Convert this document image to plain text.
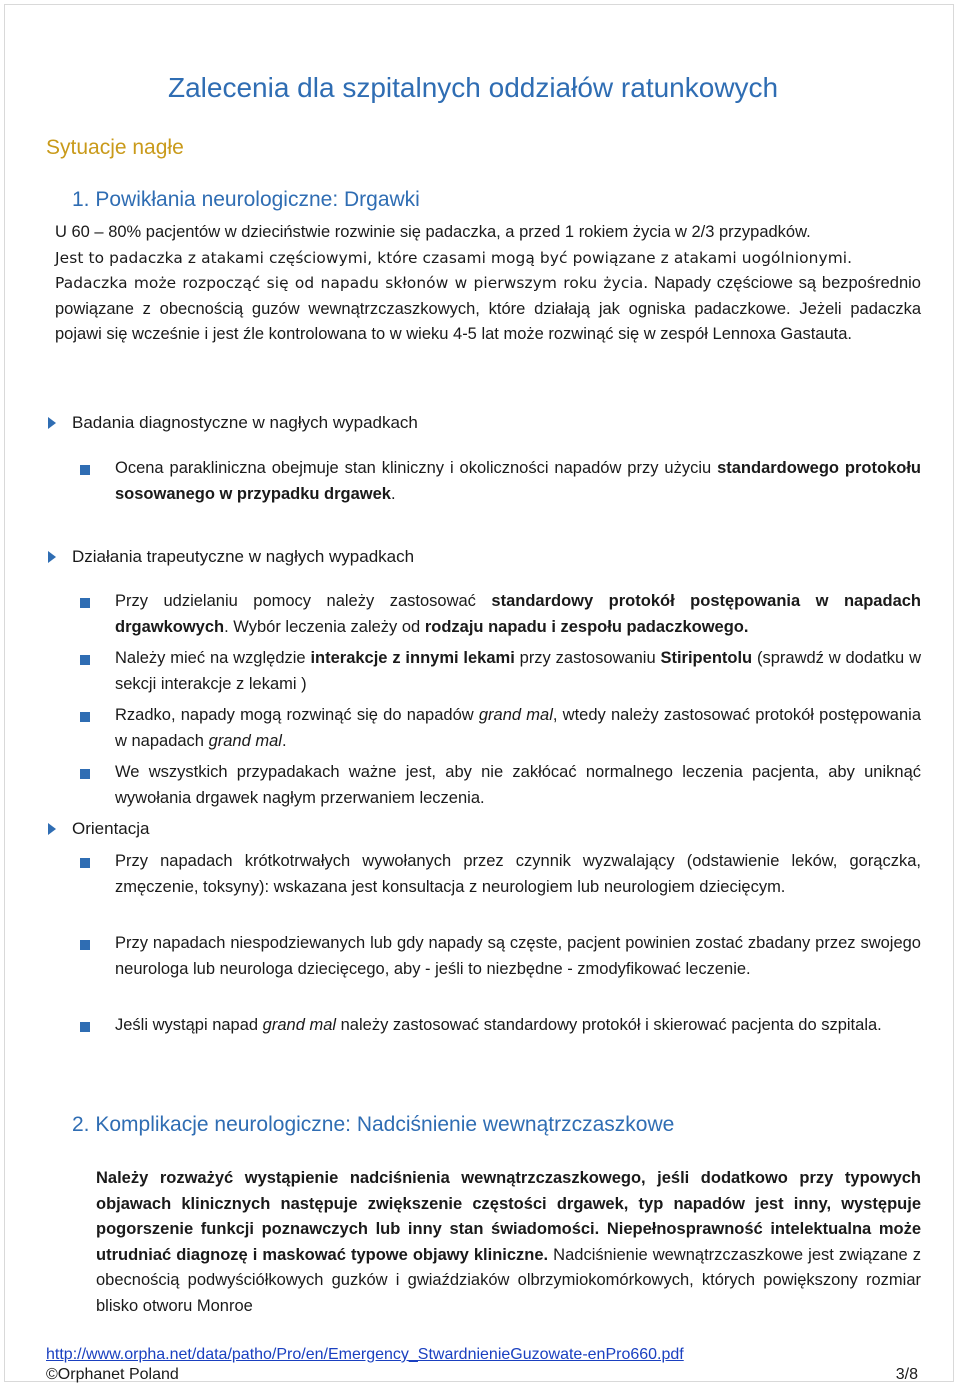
Zalecenia dla szpitalnych oddziałów ratunkowych
Sytuacje nagłe
1. Powikłania neurologiczne: Drgawki

U 60 – 80% pacjentów w dzieciństwie rozwinie się padaczka, a przed 1 rokiem życia w 2/3 przypadków.

Jest to padaczka z atakami częściowymi, które czasami mogą być powiązane z atakami uogólnionymi.

Padaczka może rozpocząć się od napadu skłonów w pierwszym roku życia. Napady częściowe są bezpośrednio powiązane z obecnością guzów wewnątrzczaszkowych, które działają jak ogniska padaczkowe. Jeżeli padaczka pojawi się wcześnie i jest źle kontrolowana to w wieku 4-5 lat może rozwinąć się w zespół Lennoxa Gastauta.
Badania diagnostyczne w nagłych wypadkach
Ocena parakliniczna obejmuje stan kliniczny i okoliczności napadów przy użyciu standardowego protokołu sosowanego w przypadku drgawek.
Działania trapeutyczne w nagłych wypadkach
Przy udzielaniu pomocy należy zastosować standardowy protokół postępowania w napadach drgawkowych. Wybór leczenia zależy od rodzaju napadu i zespołu padaczkowego.
Należy mieć na względzie interakcje z innymi lekami przy zastosowaniu Stiripentolu (sprawdź w dodatku w sekcji interakcje z lekami )
Rzadko, napady mogą rozwinąć się do napadów grand mal, wtedy należy zastosować protokół postępowania w napadach grand mal.
We wszystkich przypadakach ważne jest, aby nie zakłócać normalnego leczenia pacjenta, aby uniknąć wywołania drgawek nagłym przerwaniem leczenia.
Orientacja
Przy napadach krótkotrwałych wywołanych przez czynnik wyzwalający (odstawienie leków, gorączka, zmęczenie, toksyny): wskazana jest konsultacja z neurologiem lub neurologiem dziecięcym.
Przy napadach niespodziewanych lub gdy napady są częste, pacjent powinien zostać zbadany przez swojego neurologa lub neurologa dziecięcego, aby - jeśli to niezbędne - zmodyfikować leczenie.
Jeśli wystąpi napad grand mal należy zastosować standardowy protokół i skierować pacjenta do szpitala.
2. Komplikacje neurologiczne: Nadciśnienie wewnątrzczaszkowe
Należy rozważyć wystąpienie nadciśnienia wewnątrzczaszkowego, jeśli dodatkowo przy typowych objawach klinicznych następuje zwiększenie częstości drgawek, typ napadów jest inny, występuje pogorszenie funkcji poznawczych lub inny stan świadomości. Niepełnosprawność intelektualna może utrudniać diagnozę i maskować typowe objawy kliniczne. Nadciśnienie wewnątrzczaszkowe jest związane z obecnością podwyściółkowych guzków i gwiaździaków olbrzymiokomórkowych, których powiększony rozmiar blisko otworu Monroe
http://www.orpha.net/data/patho/Pro/en/Emergency_StwardnienieGuzowate-enPro660.pdf
©Orphanet Poland	3/8
